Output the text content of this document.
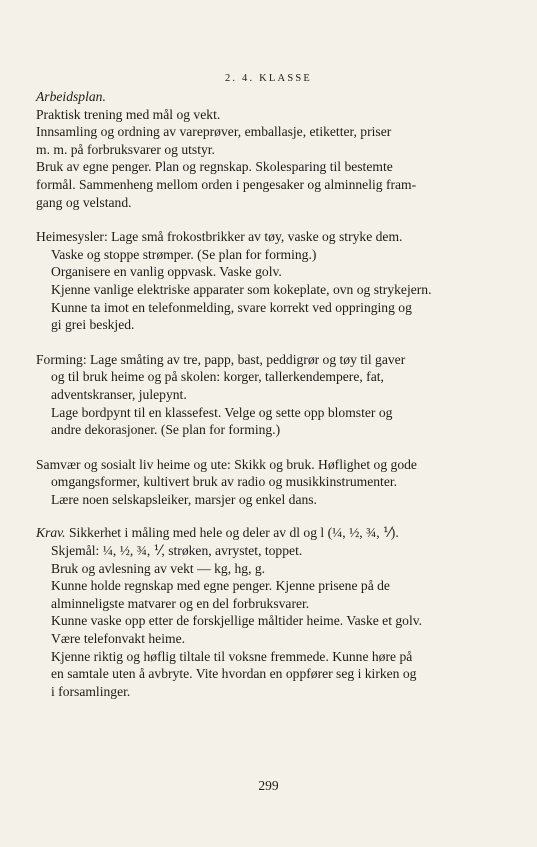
2. 4. KLASSE

Arbeidsplan.

Praktisk trening med mål og vekt.

Innsamling og ordning av vareprøver, emballasje, etiketter, priser

m. m. på forbruksvarer og utstyr.

Bruk av egne penger. Plan og regnskap. Skolesparing til bestemte

formål. Sammenheng mellom orden i pengesaker og alminnelig fram-

gang og velstand.

Heimesysler: Lage små frokostbrikker av tøy, vaske og stryke dem.

Vaske og stoppe strømper. (Se plan for forming.)

Organisere en vanlig oppvask. Vaske golv.

Kjenne vanlige elektriske apparater som kokeplate, ovn og strykejern.

Kunne ta imot en telefonmelding, svare korrekt ved oppringing og

gi grei beskjed.

Forming: Lage småting av tre, papp, bast, peddigrør og tøy til gaver

og til bruk heime og på skolen: korger, tallerkendempere, fat,

adventskranser, julepynt.

Lage bordpynt til en klassefest. Velge og sette opp blomster og

andre dekorasjoner. (Se plan for forming.)

Samvær og sosialt liv heime og ute: Skikk og bruk. Høflighet og gode

omgangsformer, kultivert bruk av radio og musikkinstrumenter.

Lære noen selskapsleiker, marsjer og enkel dans.

Krav. Sikkerhet i måling med hele og deler av dl og l (¼, ½, ¾, ⅟).

Skjemål: ¼, ½, ¾, ⅟, strøken, avrystet, toppet.

Bruk og avlesning av vekt — kg, hg, g.

Kunne holde regnskap med egne penger. Kjenne prisene på de

alminneligste matvarer og en del forbruksvarer.

Kunne vaske opp etter de forskjellige måltider heime. Vaske et golv.

Være telefonvakt heime.

Kjenne riktig og høflig tiltale til voksne fremmede. Kunne høre på

en samtale uten å avbryte. Vite hvordan en oppfører seg i kirken og

i forsamlinger.

299
